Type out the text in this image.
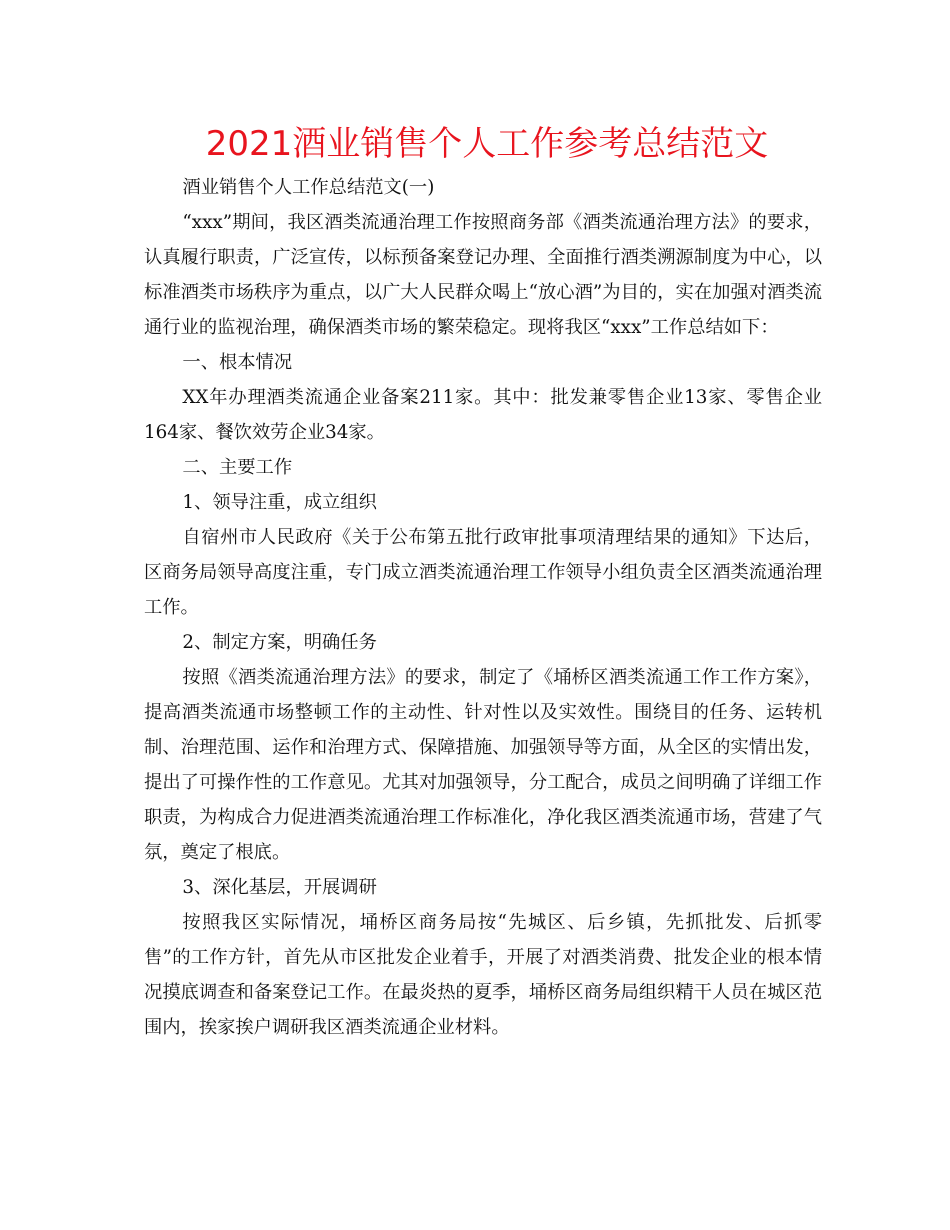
2021酒业销售个人工作参考总结范文

酒业销售个人工作总结范文(一)

“xxx”期间，我区酒类流通治理工作按照商务部《酒类流通治理方法》的要求，认真履行职责，广泛宣传，以标预备案登记办理、全面推行酒类溯源制度为中心，以标准酒类市场秩序为重点，以广大人民群众喝上“放心酒”为目的，实在加强对酒类流通行业的监视治理，确保酒类市场的繁荣稳定。现将我区“xxx”工作总结如下：

一、根本情况

XX年办理酒类流通企业备案211家。其中：批发兼零售企业13家、零售企业164家、餐饮效劳企业34家。

二、主要工作

1、领导注重，成立组织

自宿州市人民政府《关于公布第五批行政审批事项清理结果的通知》下达后，区商务局领导高度注重，专门成立酒类流通治理工作领导小组负责全区酒类流通治理工作。

2、制定方案，明确任务

按照《酒类流通治理方法》的要求，制定了《埇桥区酒类流通工作工作方案》，提高酒类流通市场整顿工作的主动性、针对性以及实效性。围绕目的任务、运转机制、治理范围、运作和治理方式、保障措施、加强领导等方面，从全区的实情出发，提出了可操作性的工作意见。尤其对加强领导，分工配合，成员之间明确了详细工作职责，为构成合力促进酒类流通治理工作标准化，净化我区酒类流通市场，营建了气氛，奠定了根底。

3、深化基层，开展调研

按照我区实际情况，埇桥区商务局按“先城区、后乡镇，先抓批发、后抓零售”的工作方针，首先从市区批发企业着手，开展了对酒类消费、批发企业的根本情况摸底调查和备案登记工作。在最炎热的夏季，埇桥区商务局组织精干人员在城区范围内，挨家挨户调研我区酒类流通企业材料。
